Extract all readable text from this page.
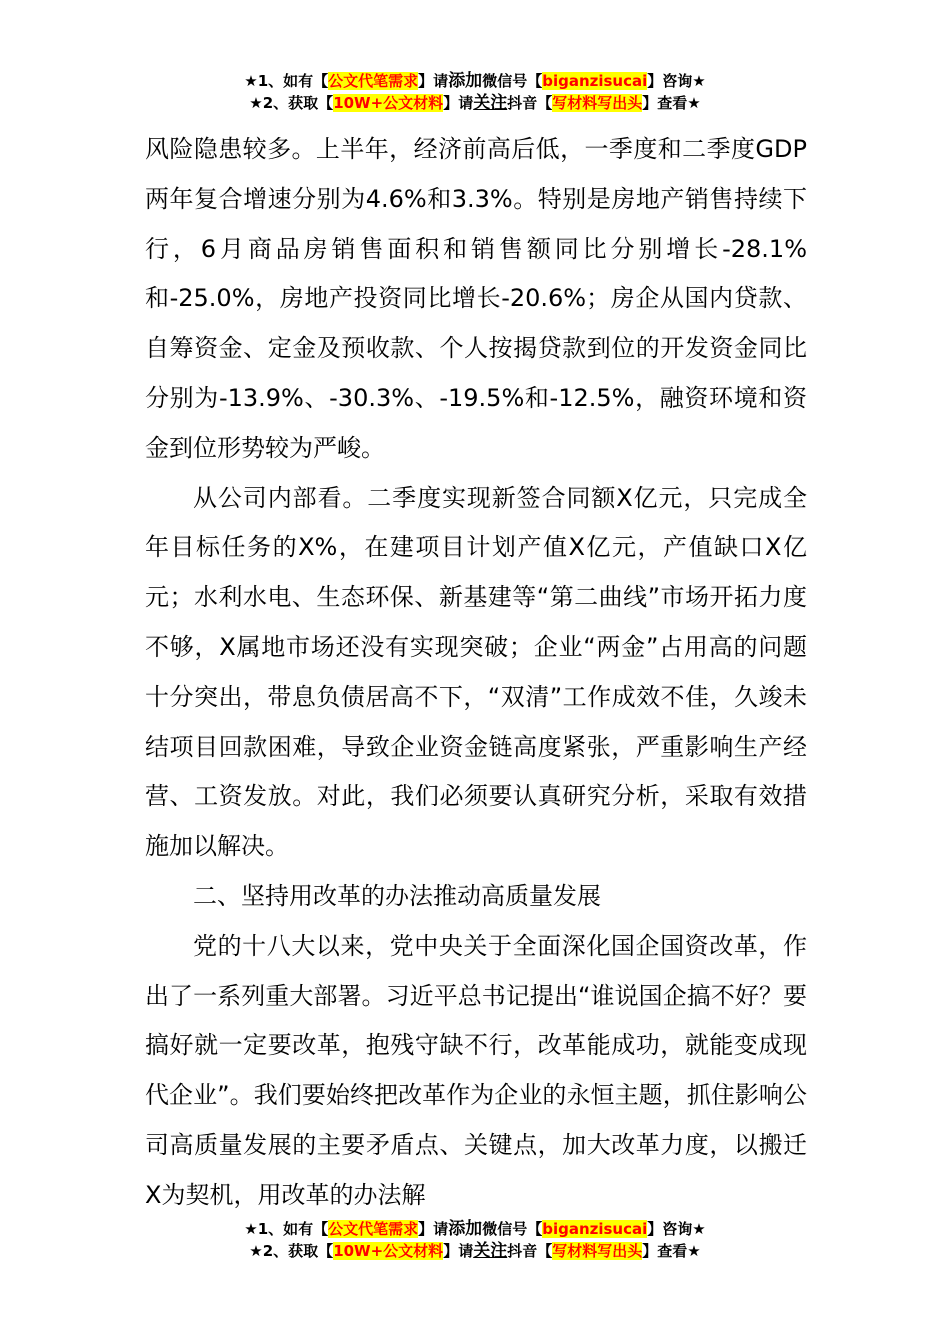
★1、如有【公文代笔需求】请添加微信号【biganzisucai】咨询★
★2、获取【10W+公文材料】请关注抖音【写材料写出头】查看★

风险隐患较多。上半年，经济前高后低，一季度和二季度GDP两年复合增速分别为4.6%和3.3%。特别是房地产销售持续下行，6月商品房销售面积和销售额同比分别增长-28.1%和-25.0%，房地产投资同比增长-20.6%；房企从国内贷款、自筹资金、定金及预收款、个人按揭贷款到位的开发资金同比分别为-13.9%、-30.3%、-19.5%和-12.5%，融资环境和资金到位形势较为严峻。

从公司内部看。二季度实现新签合同额X亿元，只完成全年目标任务的X%，在建项目计划产值X亿元，产值缺口X亿元；水利水电、生态环保、新基建等“第二曲线”市场开拓力度不够，X属地市场还没有实现突破；企业“两金”占用高的问题十分突出，带息负债居高不下，“双清”工作成效不佳，久竣未结项目回款困难，导致企业资金链高度紧张，严重影响生产经营、工资发放。对此，我们必须要认真研究分析，采取有效措施加以解决。

二、坚持用改革的办法推动高质量发展

党的十八大以来，党中央关于全面深化国企国资改革，作出了一系列重大部署。习近平总书记提出“谁说国企搞不好？要搞好就一定要改革，抱残守缺不行，改革能成功，就能变成现代企业”。我们要始终把改革作为企业的永恒主题，抓住影响公司高质量发展的主要矛盾点、关键点，加大改革力度，以搬迁X为契机，用改革的办法解

★1、如有【公文代笔需求】请添加微信号【biganzisucai】咨询★
★2、获取【10W+公文材料】请关注抖音【写材料写出头】查看★
